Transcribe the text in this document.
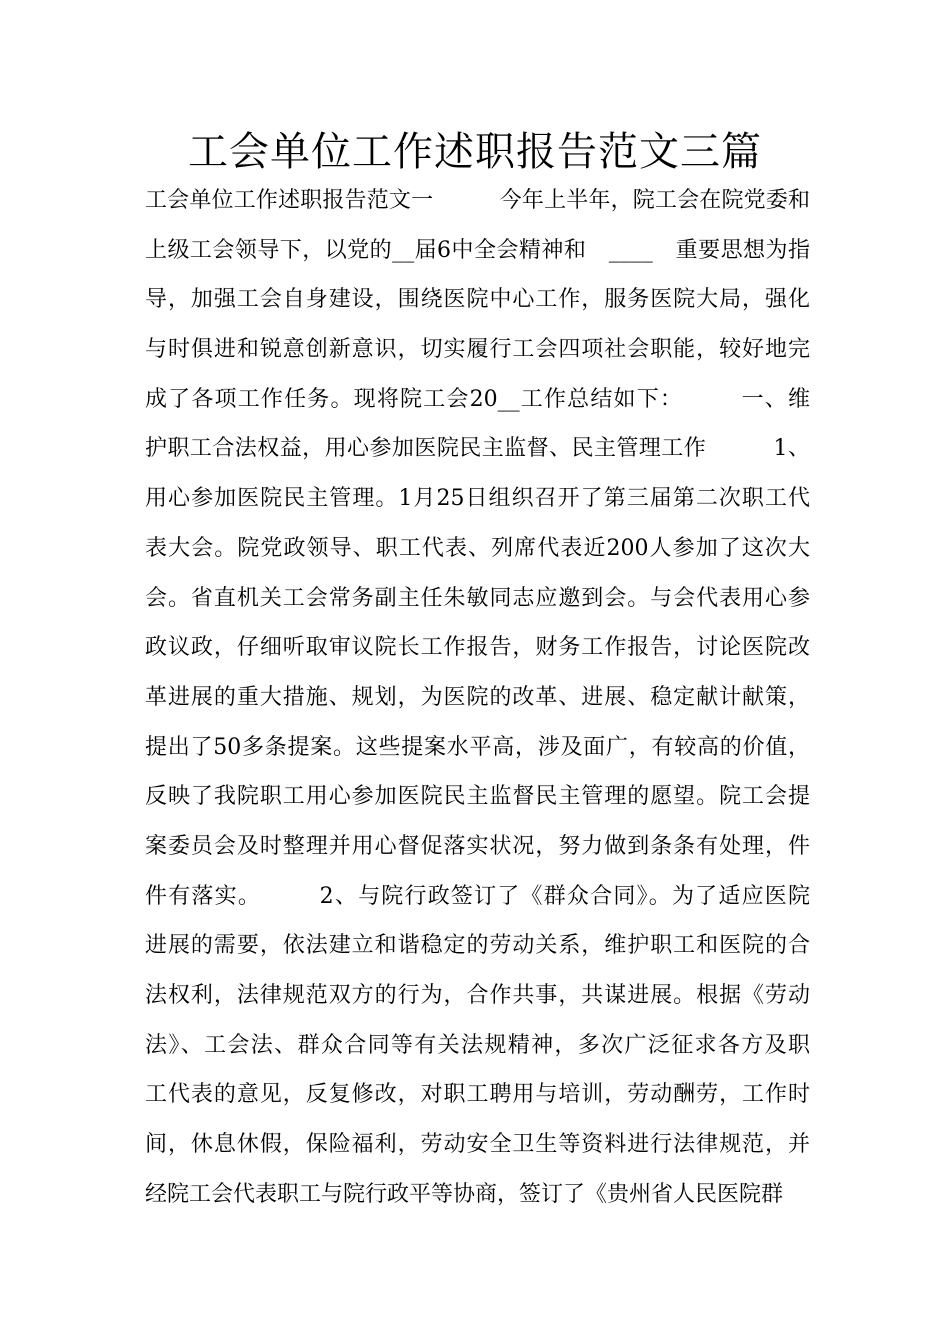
工会单位工作述职报告范文三篇
工会单位工作述职报告范文一　　　今年上半年，院工会在院党委和
上级工会领导下，以党的__届6中全会精神和　____　重要思想为指
导，加强工会自身建设，围绕医院中心工作，服务医院大局，强化
与时俱进和锐意创新意识，切实履行工会四项社会职能，较好地完
成了各项工作任务。现将院工会20__工作总结如下：　　　一、维
护职工合法权益，用心参加医院民主监督、民主管理工作　　　1、
用心参加医院民主管理。1月25日组织召开了第三届第二次职工代
表大会。院党政领导、职工代表、列席代表近200人参加了这次大
会。省直机关工会常务副主任朱敏同志应邀到会。与会代表用心参
政议政，仔细听取审议院长工作报告，财务工作报告，讨论医院改
革进展的重大措施、规划，为医院的改革、进展、稳定献计献策，
提出了50多条提案。这些提案水平高，涉及面广，有较高的价值，
反映了我院职工用心参加医院民主监督民主管理的愿望。院工会提
案委员会及时整理并用心督促落实状况，努力做到条条有处理，件
件有落实。　　　2、与院行政签订了《群众合同》。为了适应医院
进展的需要，依法建立和谐稳定的劳动关系，维护职工和医院的合
法权利，法律规范双方的行为，合作共事，共谋进展。根据《劳动
法》、工会法、群众合同等有关法规精神，多次广泛征求各方及职
工代表的意见，反复修改，对职工聘用与培训，劳动酬劳，工作时
间，休息休假，保险福利，劳动安全卫生等资料进行法律规范，并
经院工会代表职工与院行政平等协商，签订了《贵州省人民医院群
